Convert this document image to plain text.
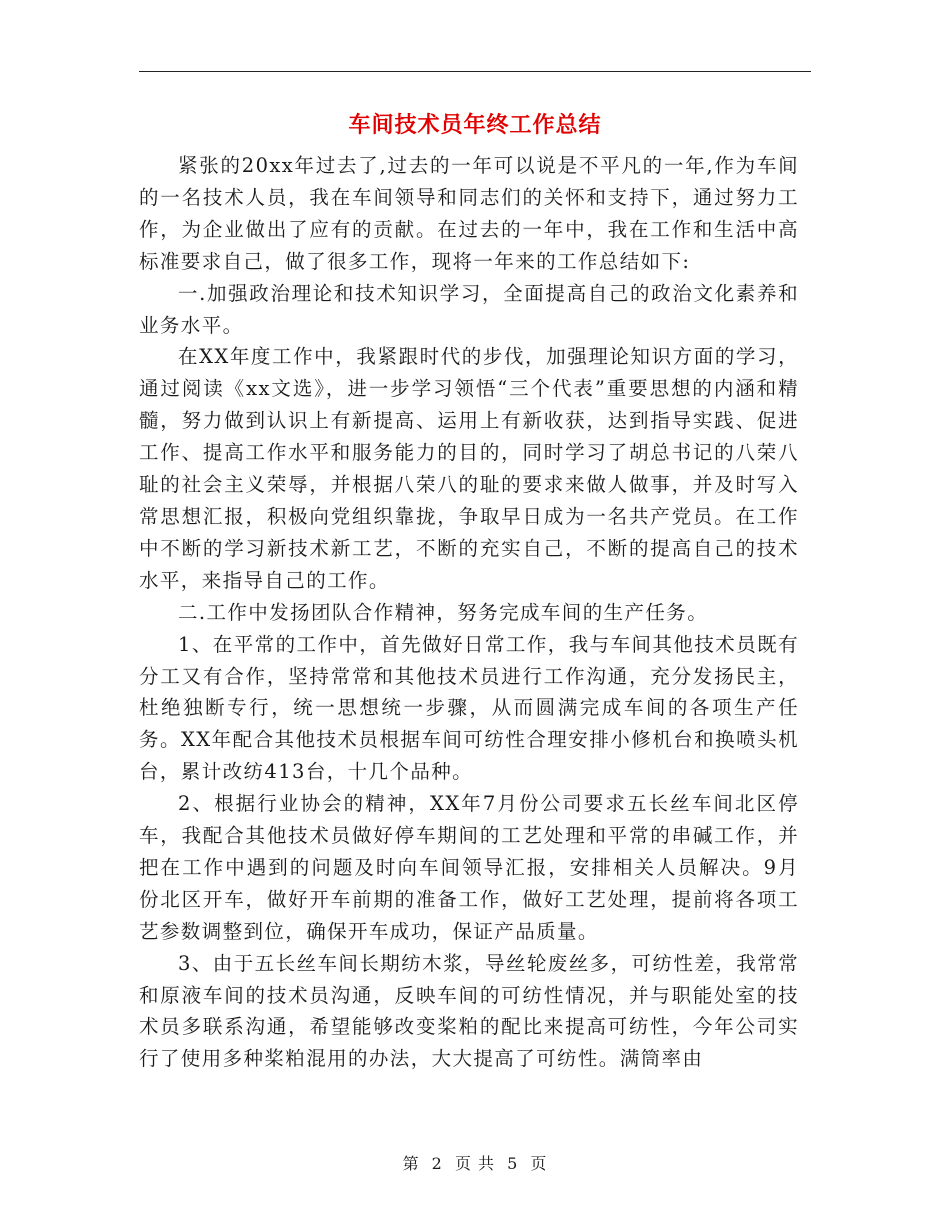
车间技术员年终工作总结

紧张的20xx年过去了,过去的一年可以说是不平凡的一年,作为车间的一名技术人员，我在车间领导和同志们的关怀和支持下，通过努力工作，为企业做出了应有的贡献。在过去的一年中，我在工作和生活中高标准要求自己，做了很多工作，现将一年来的工作总结如下:

一.加强政治理论和技术知识学习，全面提高自己的政治文化素养和业务水平。

在XX年度工作中，我紧跟时代的步伐，加强理论知识方面的学习，通过阅读《xx文选》，进一步学习领悟“三个代表”重要思想的内涵和精髓，努力做到认识上有新提高、运用上有新收获，达到指导实践、促进工作、提高工作水平和服务能力的目的，同时学习了胡总书记的八荣八耻的社会主义荣辱，并根据八荣八的耻的要求来做人做事，并及时写入常思想汇报，积极向党组织靠拢，争取早日成为一名共产党员。在工作中不断的学习新技术新工艺，不断的充实自己，不断的提高自己的技术水平，来指导自己的工作。

二.工作中发扬团队合作精神，努务完成车间的生产任务。

1、在平常的工作中，首先做好日常工作，我与车间其他技术员既有分工又有合作，坚持常常和其他技术员进行工作沟通，充分发扬民主，杜绝独断专行，统一思想统一步骤，从而圆满完成车间的各项生产任务。XX年配合其他技术员根据车间可纺性合理安排小修机台和换喷头机台，累计改纺413台，十几个品种。

2、根据行业协会的精神，XX年7月份公司要求五长丝车间北区停车，我配合其他技术员做好停车期间的工艺处理和平常的串碱工作，并把在工作中遇到的问题及时向车间领导汇报，安排相关人员解决。9月份北区开车，做好开车前期的准备工作，做好工艺处理，提前将各项工艺参数调整到位，确保开车成功，保证产品质量。

3、由于五长丝车间长期纺木浆，导丝轮废丝多，可纺性差，我常常和原液车间的技术员沟通，反映车间的可纺性情况，并与职能处室的技术员多联系沟通，希望能够改变桨粕的配比来提高可纺性，今年公司实行了使用多种桨粕混用的办法，大大提高了可纺性。满筒率由

第 2 页 共 5 页
